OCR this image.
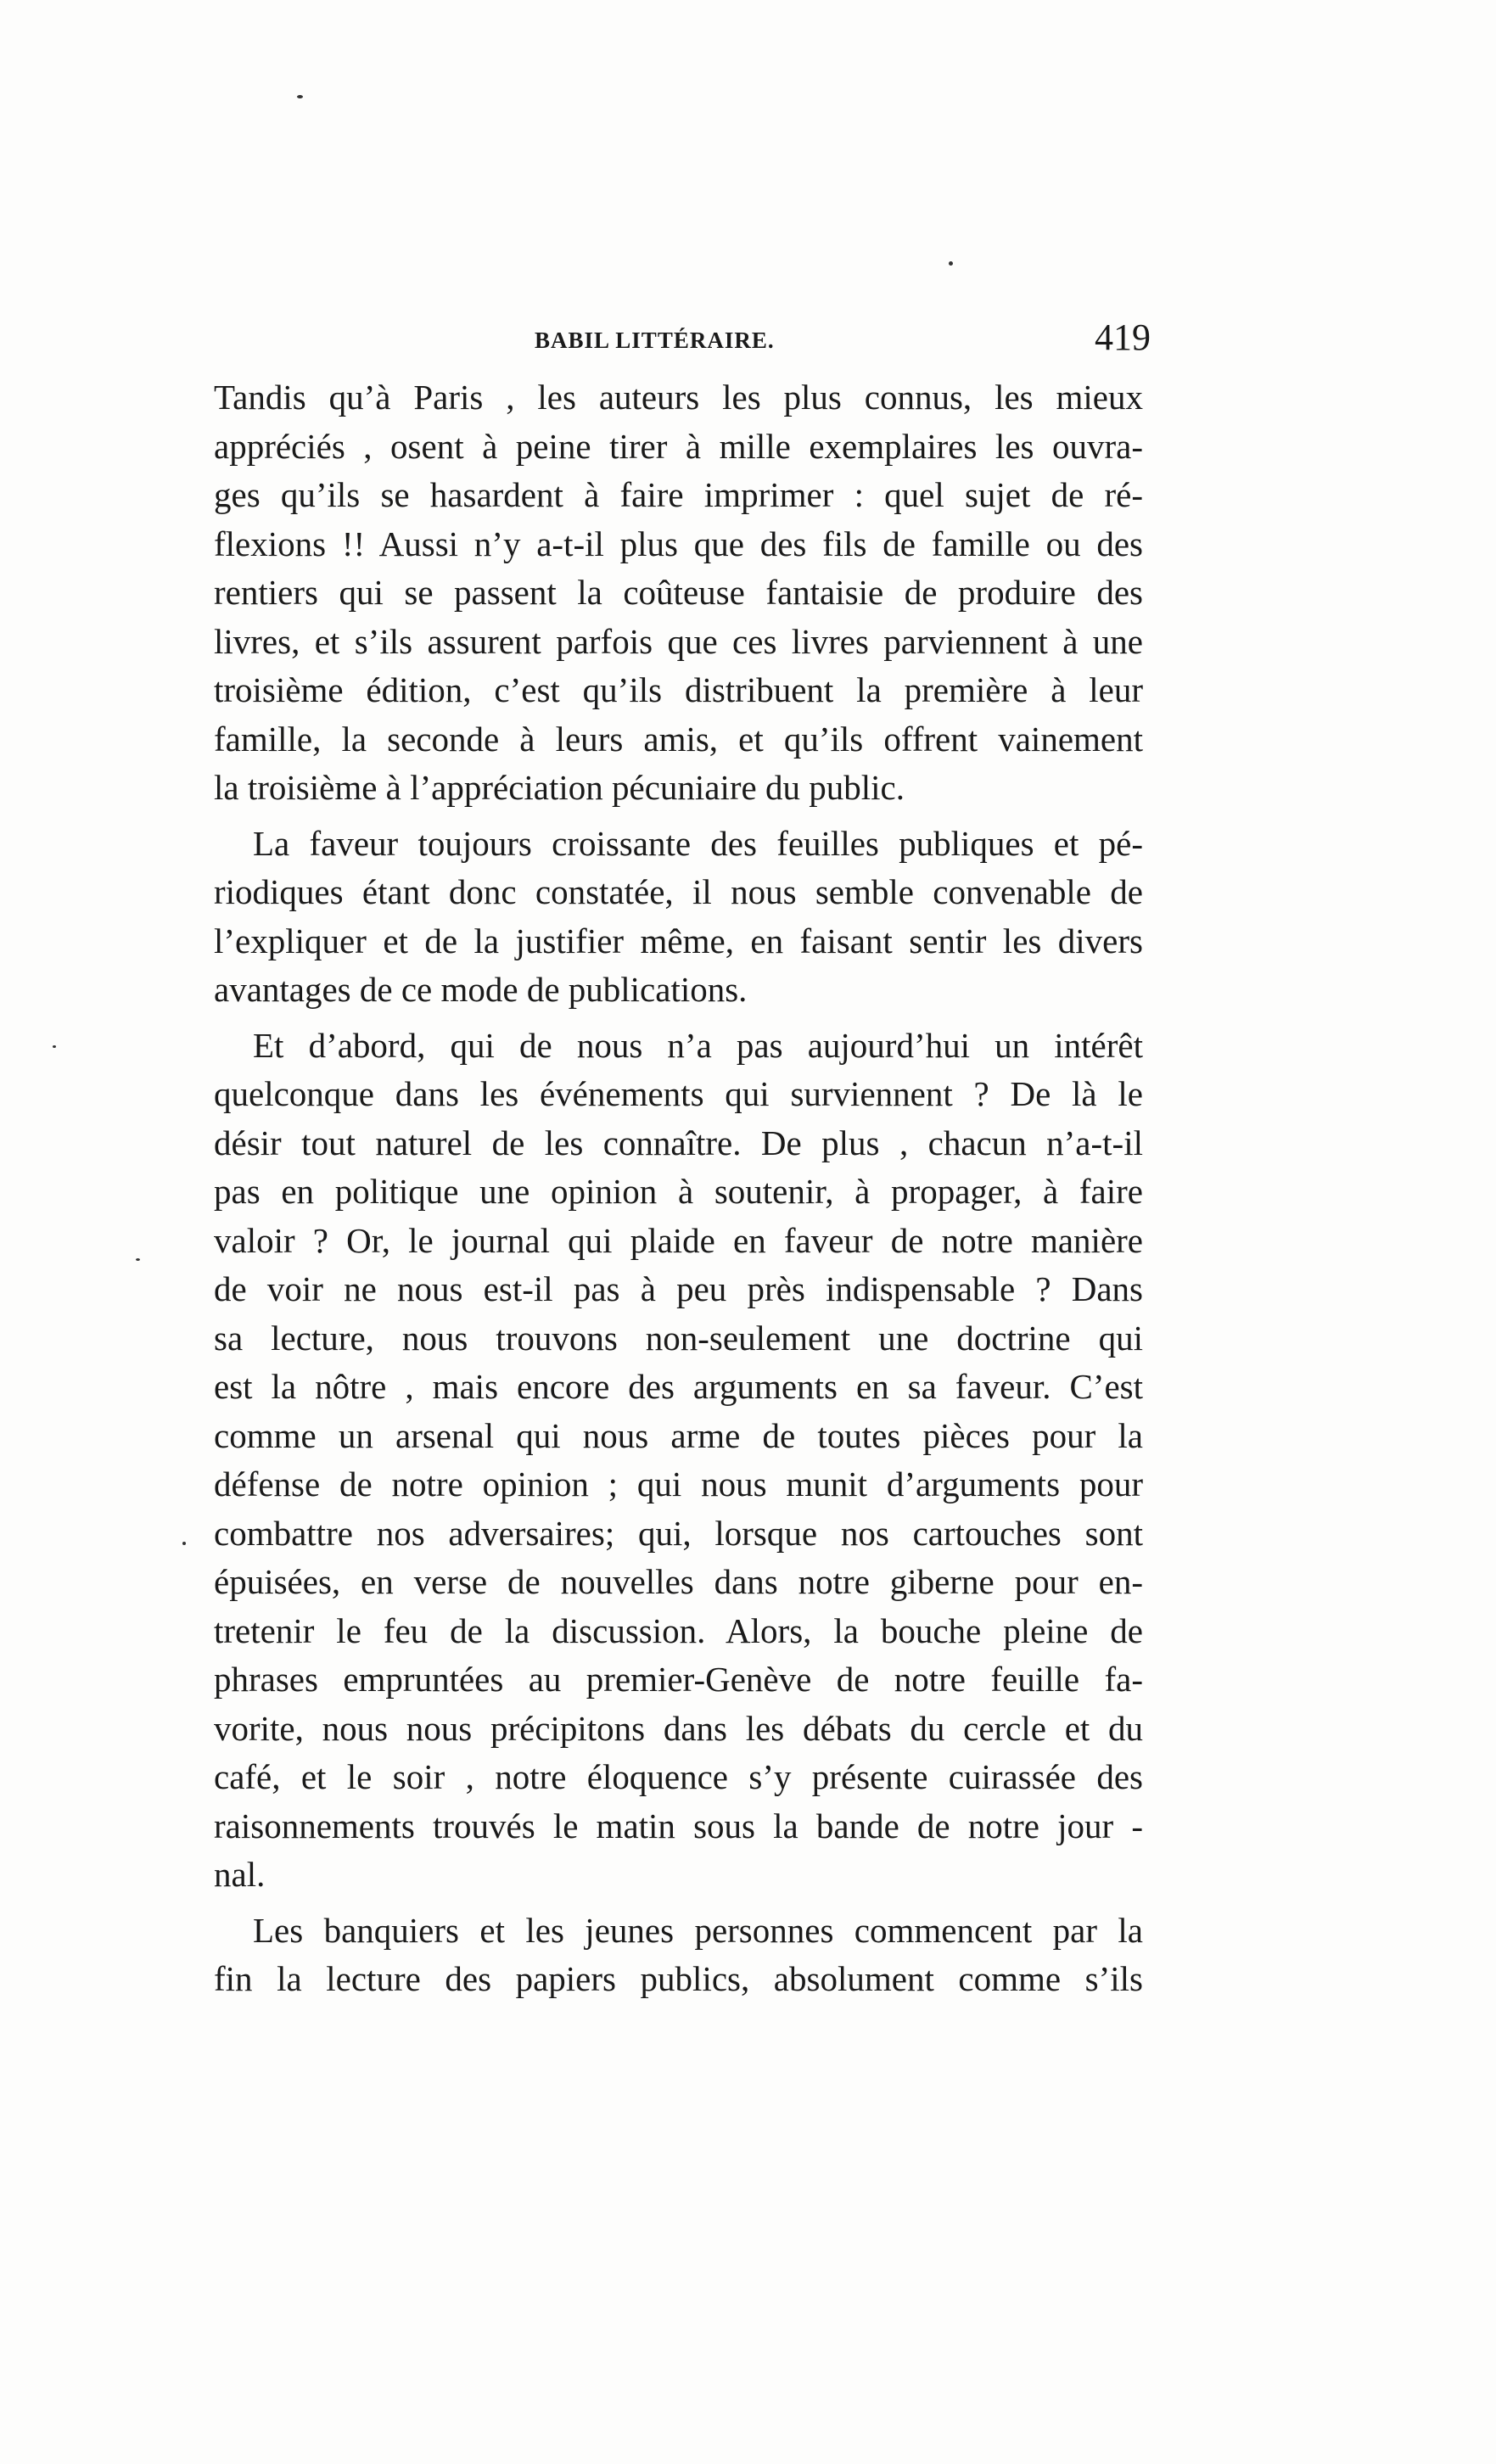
BABIL LITTÉRAIRE.	419
Tandis qu’à Paris , les auteurs les plus connus, les mieux
appréciés , osent à peine tirer à mille exemplaires les ouvra-
ges qu’ils se hasardent à faire imprimer : quel sujet de ré-
flexions !! Aussi n’y a-t-il plus que des fils de famille ou des
rentiers qui se passent la coûteuse fantaisie de produire des
livres, et s’ils assurent parfois que ces livres parviennent à une
troisième édition, c’est qu’ils distribuent la première à leur
famille, la seconde à leurs amis, et qu’ils offrent vainement
la troisième à l’appréciation pécuniaire du public.
La faveur toujours croissante des feuilles publiques et pé-
riodiques étant donc constatée, il nous semble convenable de
l’expliquer et de la justifier même, en faisant sentir les divers
avantages de ce mode de publications.
Et d’abord, qui de nous n’a pas aujourd’hui un intérêt
quelconque dans les événements qui surviennent ? De là le
désir tout naturel de les connaître. De plus , chacun n’a-t-il
pas en politique une opinion à soutenir, à propager, à faire
valoir ? Or, le journal qui plaide en faveur de notre manière
de voir ne nous est-il pas à peu près indispensable ? Dans
sa lecture, nous trouvons non-seulement une doctrine qui
est la nôtre , mais encore des arguments en sa faveur. C’est
comme un arsenal qui nous arme de toutes pièces pour la
défense de notre opinion ; qui nous munit d’arguments pour
combattre nos adversaires; qui, lorsque nos cartouches sont
épuisées, en verse de nouvelles dans notre giberne pour en-
tretenir le feu de la discussion. Alors, la bouche pleine de
phrases empruntées au premier-Genève de notre feuille fa-
vorite, nous nous précipitons dans les débats du cercle et du
café, et le soir , notre éloquence s’y présente cuirassée des
raisonnements trouvés le matin sous la bande de notre jour -
nal.
Les banquiers et les jeunes personnes commencent par la
fin la lecture des papiers publics, absolument comme s’ils
